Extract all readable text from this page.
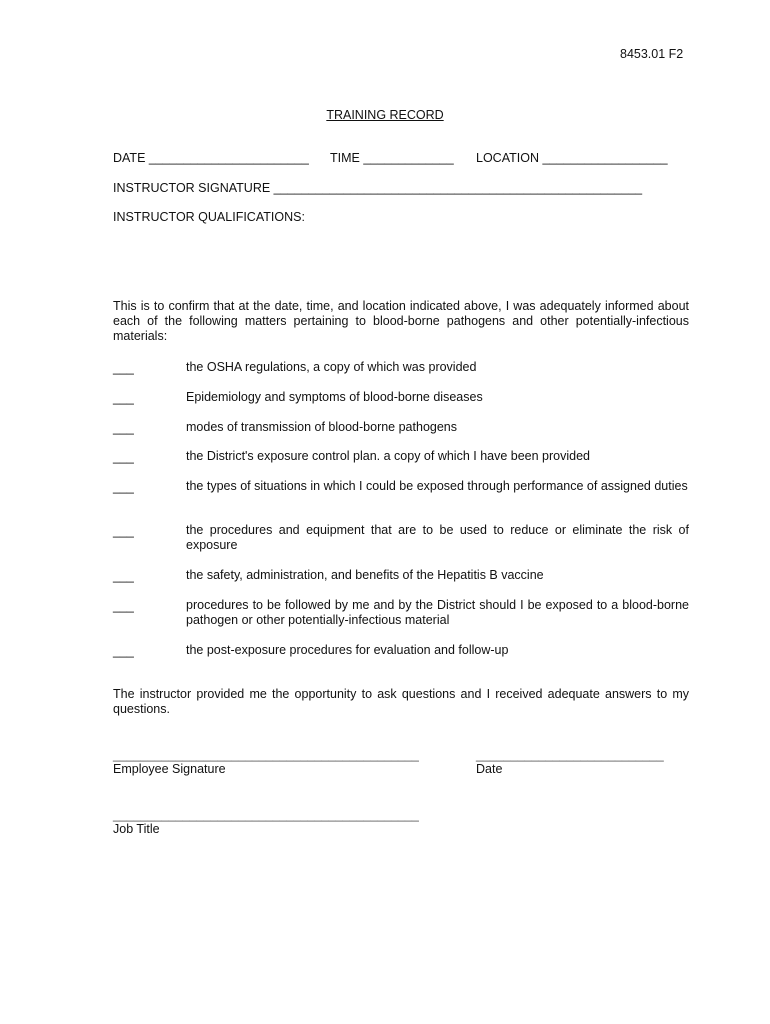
8453.01 F2
TRAINING RECORD
DATE _______________________ TIME _____________ LOCATION __________________
INSTRUCTOR SIGNATURE _____________________________________________________
INSTRUCTOR QUALIFICATIONS:
This is to confirm that at the date, time, and location indicated above, I was adequately informed about each of the following matters pertaining to blood-borne pathogens and other potentially-infectious materials:
___	the OSHA regulations, a copy of which was provided
___	Epidemiology and symptoms of blood-borne diseases
___	modes of transmission of blood-borne pathogens
___	the District's exposure control plan. a copy of which I have been provided
___	the types of situations in which I could be exposed through performance of assigned duties
___	the procedures and equipment that are to be used to reduce or eliminate the risk of exposure
___	the safety, administration, and benefits of the Hepatitis B vaccine
___	procedures to be followed by me and by the District should I be exposed to a blood-borne pathogen or other potentially-infectious material
___	the post-exposure procedures for evaluation and follow-up
The instructor provided me the opportunity to ask questions and I received adequate answers to my questions.
____________________________________________
Employee Signature
___________________________
Date
____________________________________________
Job Title
